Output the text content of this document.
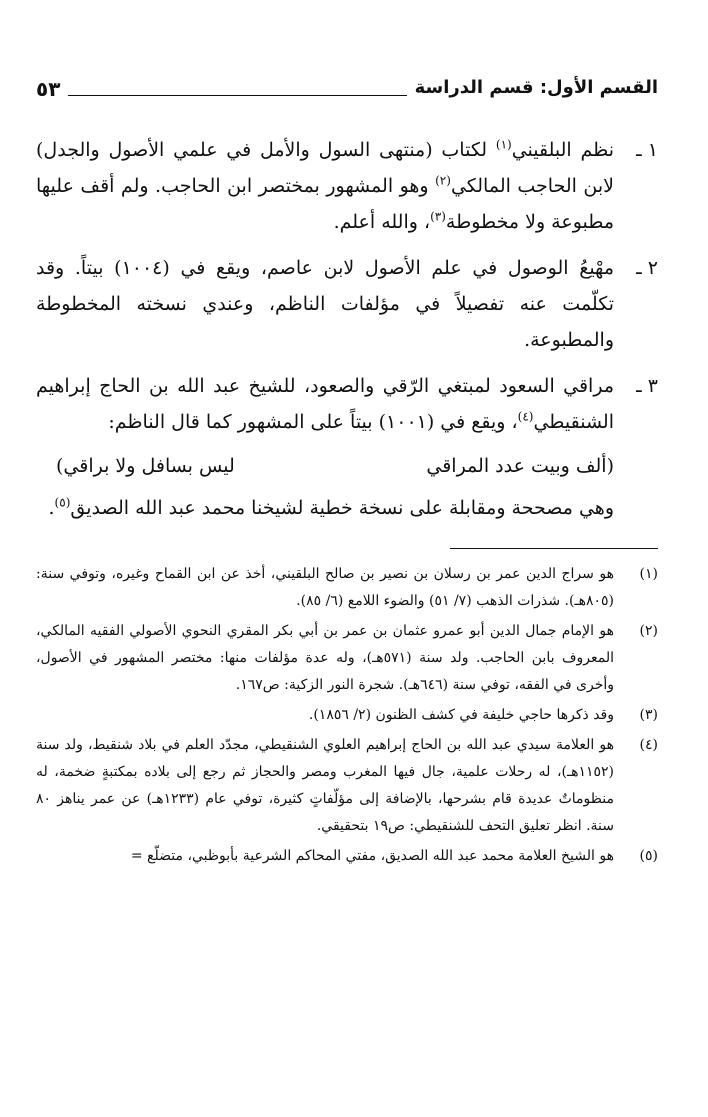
القسم الأول: قسم الدراسة
٥٣
١ ـ
نظم البلقيني$^{(١)}$ لكتاب (منتهى السول والأمل في علمي الأصول والجدل) لابن الحاجب المالكي$^{(٢)}$ وهو المشهور بمختصر ابن الحاجب. ولم أقف عليها مطبوعة ولا مخطوطة$^{(٣)}$، والله أعلم.
٢ ـ
مهْيعُ الوصول في علم الأصول لابن عاصم، ويقع في (١٠٠٤) بيتاً. وقد تكلّمت عنه تفصيلاً في مؤلفات الناظم، وعندي نسخته المخطوطة والمطبوعة.
٣ ـ
مراقي السعود لمبتغي الرّقي والصعود، للشيخ عبد الله بن الحاج إبراهيم الشنقيطي$^{(٤)}$، ويقع في (١٠٠١) بيتاً على المشهور كما قال الناظم:
(ألف وبيت عدد المراقي
ليس بسافل ولا براقي)
وهي مصححة ومقابلة على نسخة خطية لشيخنا محمد عبد الله الصديق$^{(٥)}$.
(١)
هو سراج الدين عمر بن رسلان بن نصير بن صالح البلقيني، أخذ عن ابن القماح وغيره، وتوفي سنة: (٨٠٥هـ). شذرات الذهب (٧/ ٥١) والضوء اللامع (٦/ ٨٥).
(٢)
هو الإمام جمال الدين أبو عمرو عثمان بن عمر بن أبي بكر المقري النحوي الأصولي الفقيه المالكي، المعروف بابن الحاجب. ولد سنة (٥٧١هـ)، وله عدة مؤلفات منها: مختصر المشهور في الأصول، وأخرى في الفقه، توفي سنة (٦٤٦هـ). شجرة النور الزكية: ص١٦٧.
(٣)
وقد ذكرها حاجي خليفة في كشف الظنون (٢/ ١٨٥٦).
(٤)
هو العلامة سيدي عبد الله بن الحاج إبراهيم العلوي الشنقيطي، مجدّد العلم في بلاد شنقيط، ولد سنة (١١٥٢هـ)، له رحلات علمية، جال فيها المغرب ومصر والحجاز ثم رجع إلى بلاده بمكتبةٍ ضخمة، له منظوماتٌ عديدة قام بشرحها، بالإضافة إلى مؤلّفاتٍ كثيرة، توفي عام (١٢٣٣هـ) عن عمر يناهز ٨٠ سنة. انظر تعليق التحف للشنقيطي: ص١٩ بتحقيقي.
(٥)
هو الشيخ العلامة محمد عبد الله الصديق، مفتي المحاكم الشرعية بأبوظبي، متضلّع =
